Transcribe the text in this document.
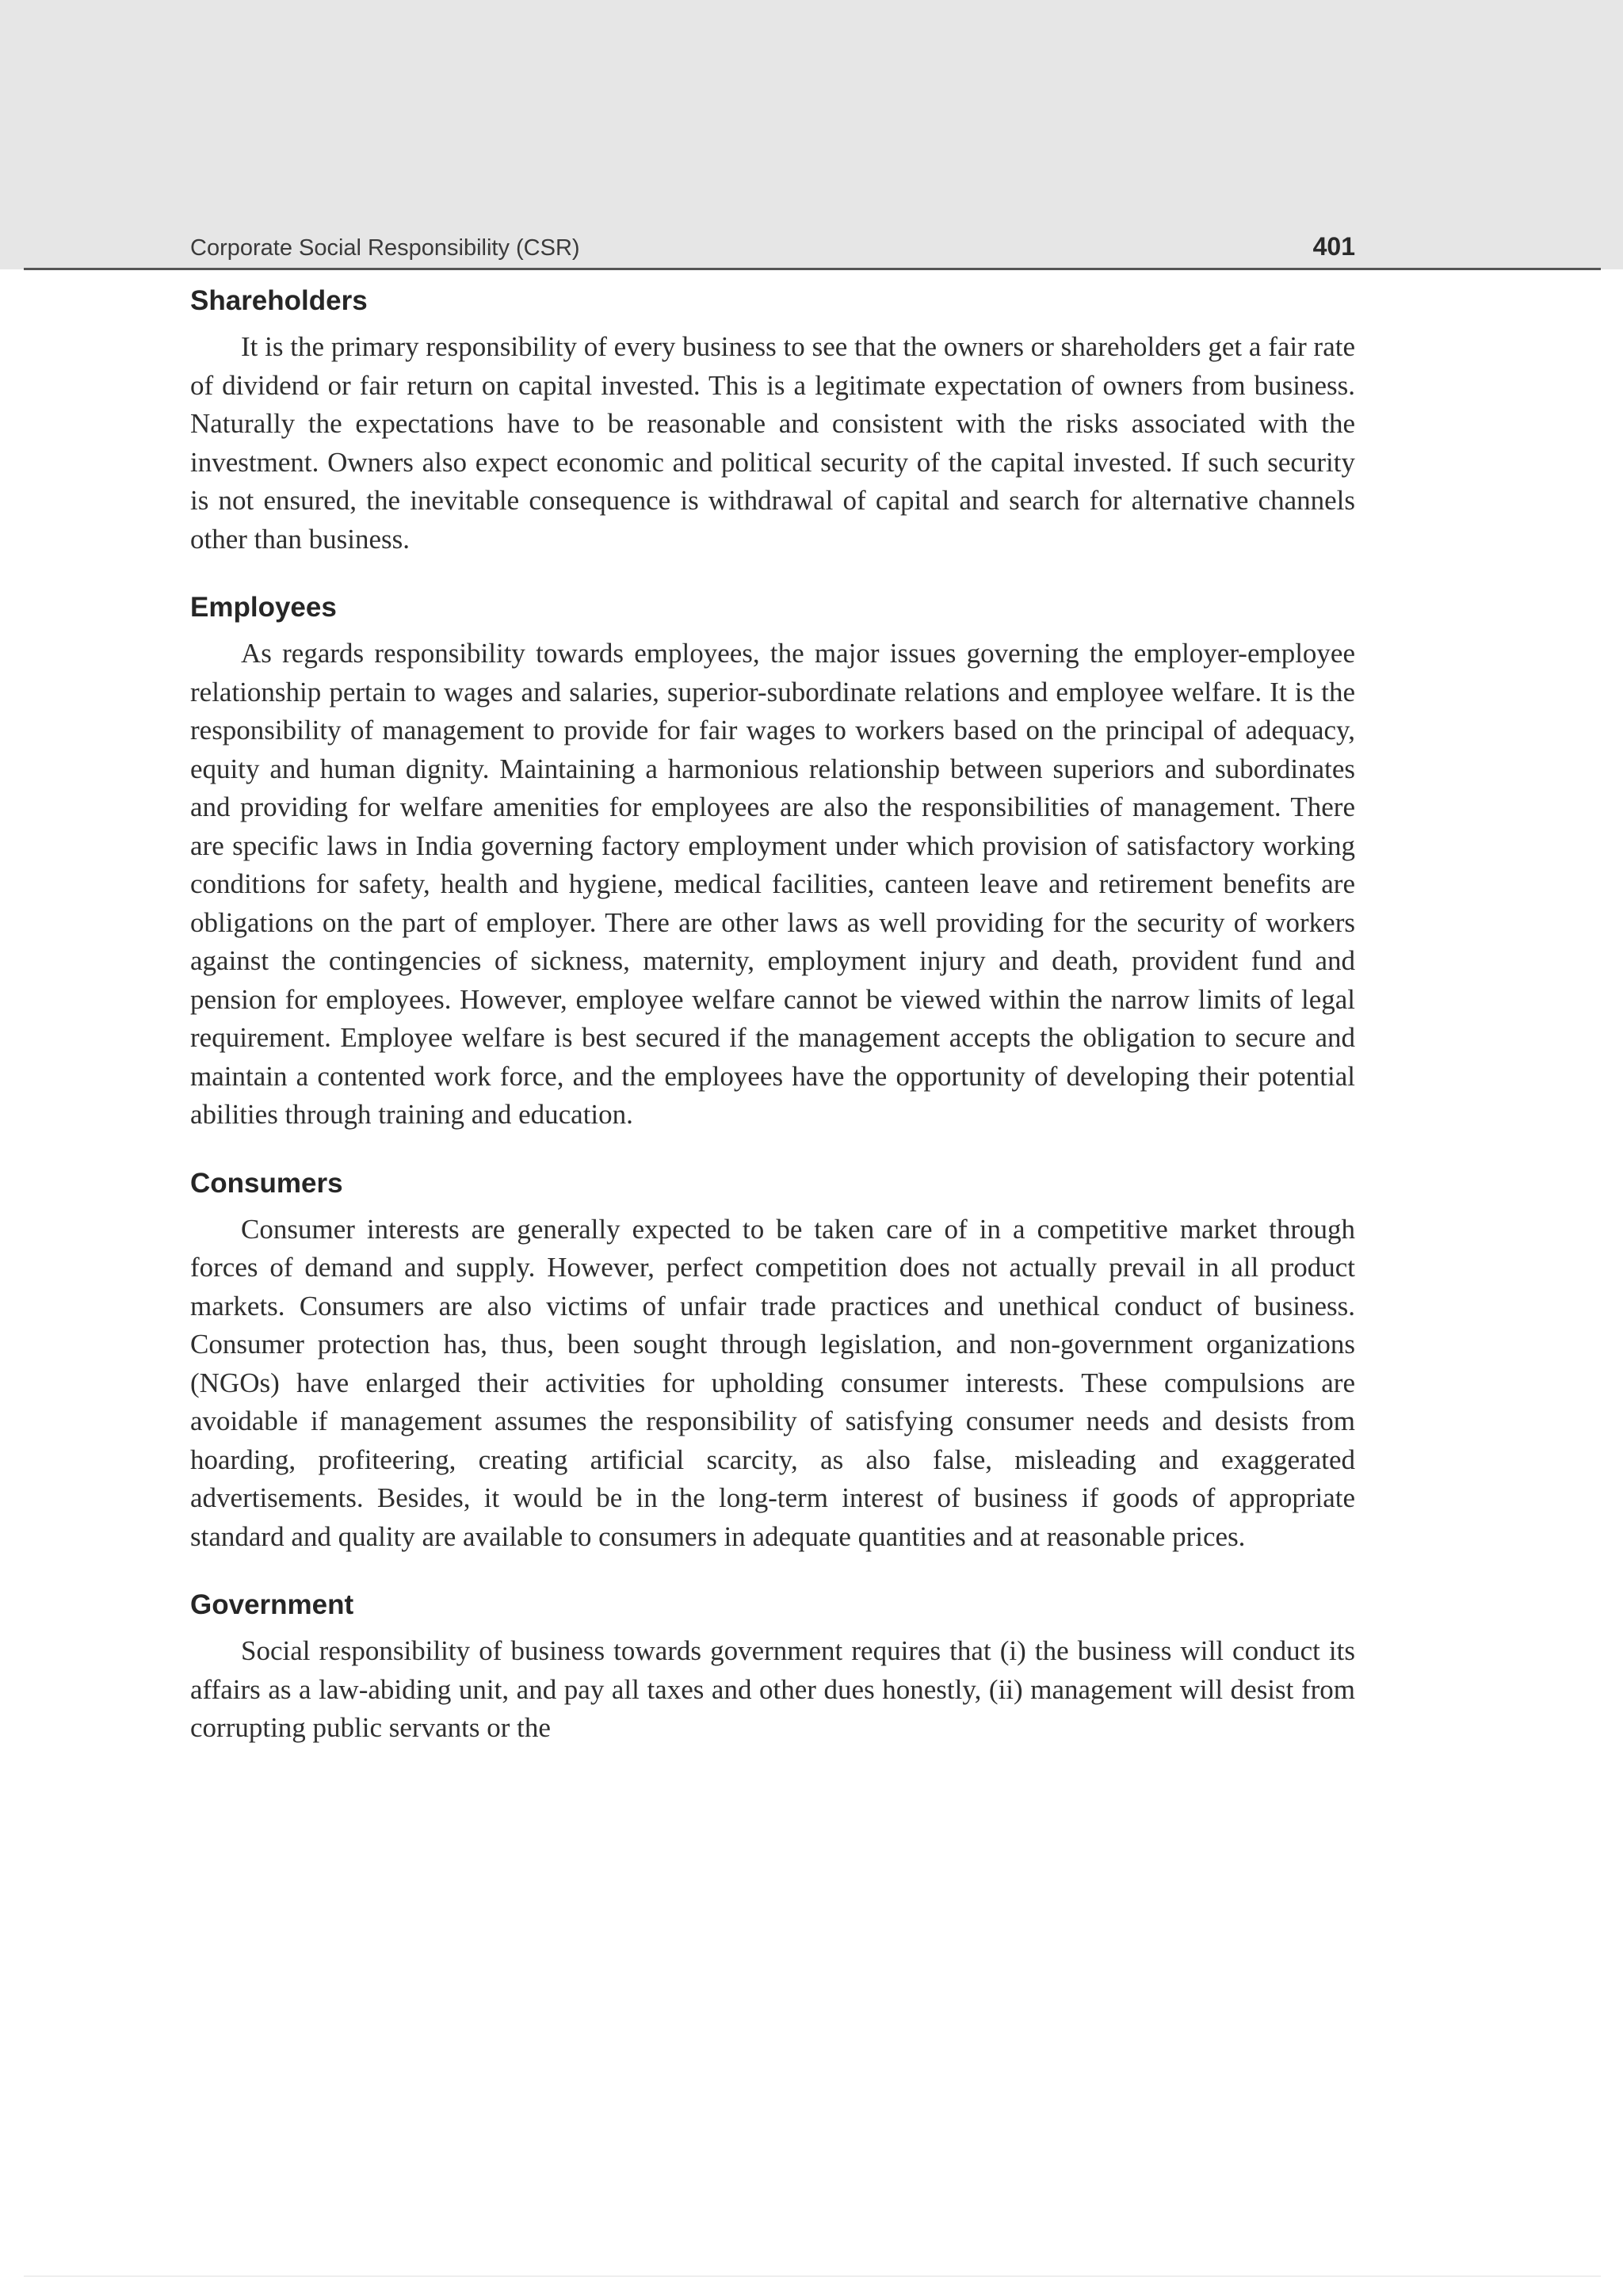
Corporate Social Responsibility (CSR)	401
Shareholders

It is the primary responsibility of every business to see that the owners or shareholders get a fair rate of dividend or fair return on capital invested. This is a legitimate expectation of owners from business. Naturally the expectations have to be reasonable and consistent with the risks associated with the investment. Owners also expect economic and political security of the capital invested. If such security is not ensured, the inevitable consequence is withdrawal of capital and search for alternative channels other than business.

Employees

As regards responsibility towards employees, the major issues governing the employer-employee relationship pertain to wages and salaries, superior-subordinate relations and employee welfare. It is the responsibility of management to provide for fair wages to workers based on the principal of adequacy, equity and human dignity. Maintaining a harmonious relationship between superiors and subordinates and providing for welfare amenities for employees are also the responsibilities of management. There are specific laws in India governing factory employment under which provision of satisfactory working conditions for safety, health and hygiene, medical facilities, canteen leave and retirement benefits are obligations on the part of employer. There are other laws as well providing for the security of workers against the contingencies of sickness, maternity, employment injury and death, provident fund and pension for employees. However, employee welfare cannot be viewed within the narrow limits of legal requirement. Employee welfare is best secured if the management accepts the obligation to secure and maintain a contented work force, and the employees have the opportunity of developing their potential abilities through training and education.

Consumers

Consumer interests are generally expected to be taken care of in a competitive market through forces of demand and supply. However, perfect competition does not actually prevail in all product markets. Consumers are also victims of unfair trade practices and unethical conduct of business. Consumer protection has, thus, been sought through legislation, and non-government organizations (NGOs) have enlarged their activities for upholding consumer interests. These compulsions are avoidable if management assumes the responsibility of satisfying consumer needs and desists from hoarding, profiteering, creating artificial scarcity, as also false, misleading and exaggerated advertisements. Besides, it would be in the long-term interest of business if goods of appropriate standard and quality are available to consumers in adequate quantities and at reasonable prices.

Government

Social responsibility of business towards government requires that (i) the business will conduct its affairs as a law-abiding unit, and pay all taxes and other dues honestly, (ii) management will desist from corrupting public servants or the
